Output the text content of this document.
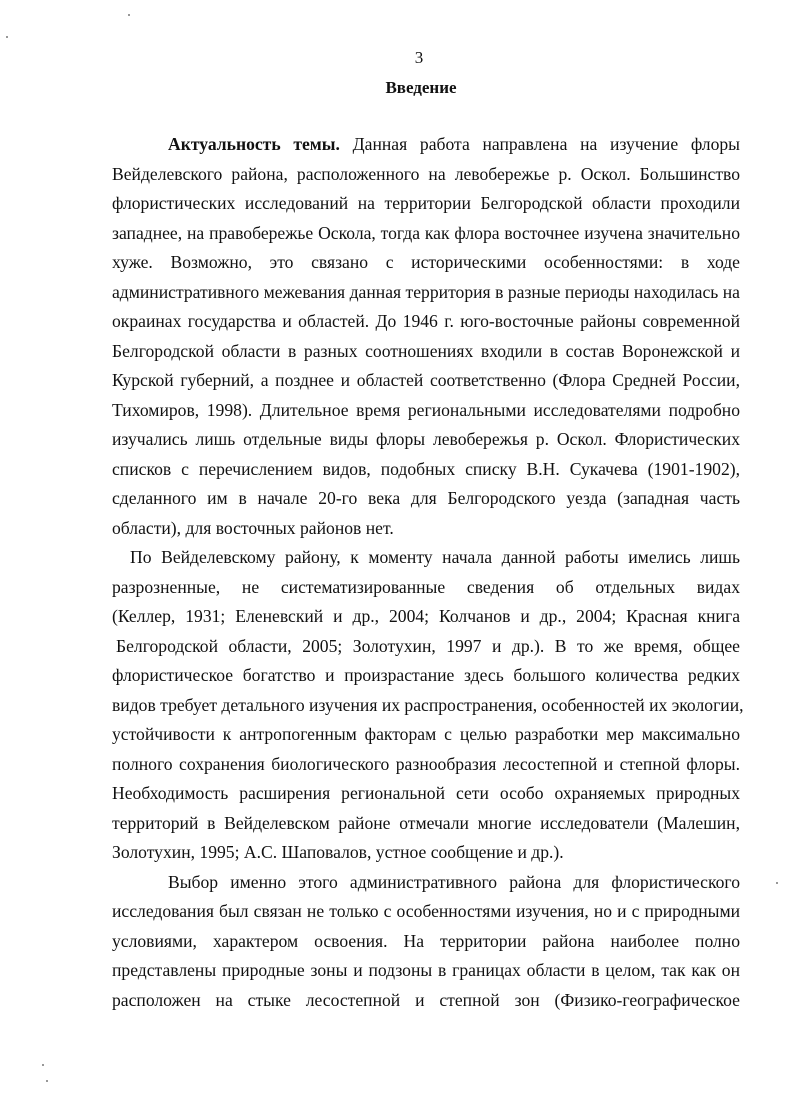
3
Введение
Актуальность темы. Данная работа направлена на изучение флоры
Вейделевского района, расположенного на левобережье р. Оскол. Большинство
флористических исследований на территории Белгородской области проходили
западнее, на правобережье Оскола, тогда как флора восточнее изучена значительно
хуже. Возможно, это связано с историческими особенностями: в ходе
административного межевания данная территория в разные периоды находилась на
окраинах государства и областей. До 1946 г. юго-восточные районы современной
Белгородской области в разных соотношениях входили в состав Воронежской и
Курской губерний, а позднее и областей соответственно (Флора Средней России,
Тихомиров, 1998). Длительное время региональными исследователями подробно
изучались лишь отдельные виды флоры левобережья р. Оскол. Флористических
списков с перечислением видов, подобных списку В.Н. Сукачева (1901-1902),
сделанного им в начале 20-го века для Белгородского уезда (западная часть
области), для восточных районов нет.
По Вейделевскому району, к моменту начала данной работы имелись лишь
разрозненные, не систематизированные сведения об отдельных видах
(Келлер, 1931; Еленевский и др., 2004; Колчанов и др., 2004; Красная книга
Белгородской области, 2005; Золотухин, 1997 и др.). В то же время, общее
флористическое богатство и произрастание здесь большого количества редких
видов требует детального изучения их распространения, особенностей их экологии,
устойчивости к антропогенным факторам с целью разработки мер максимально
полного сохранения биологического разнообразия лесостепной и степной флоры.
Необходимость расширения региональной сети особо охраняемых природных
территорий в Вейделевском районе отмечали многие исследователи (Малешин,
Золотухин, 1995; А.С. Шаповалов, устное сообщение и др.).
Выбор именно этого административного района для флористического
исследования был связан не только с особенностями изучения, но и с природными
условиями, характером освоения. На территории района наиболее полно
представлены природные зоны и подзоны в границах области в целом, так как он
расположен на стыке лесостепной и степной зон (Физико-географическое
